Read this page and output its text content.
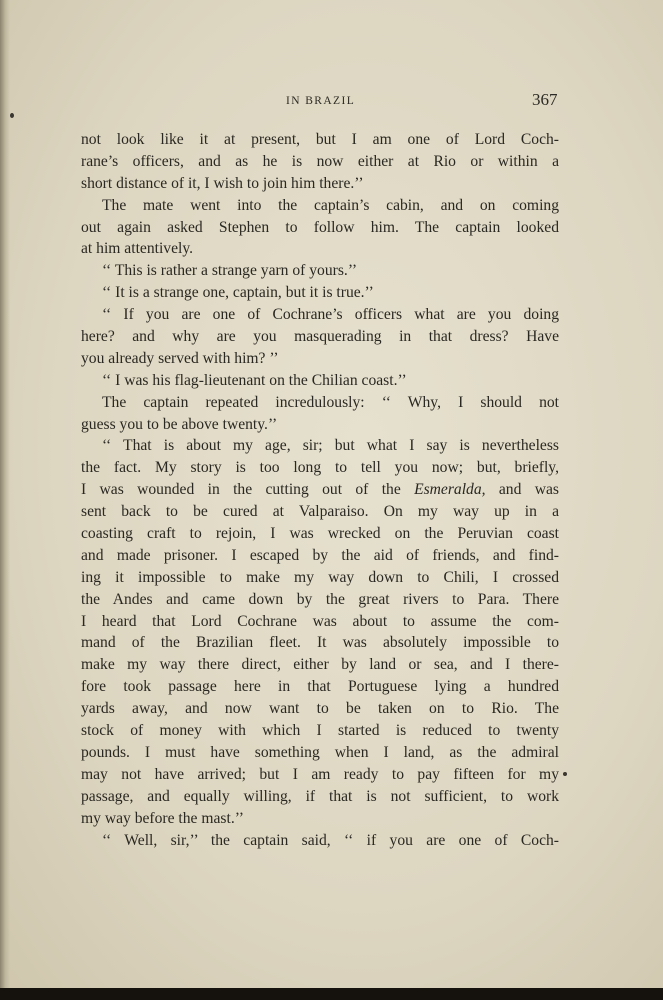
IN BRAZIL	367
not look like it at present, but I am one of Lord Coch-
rane’s officers, and as he is now either at Rio or within a
short distance of it, I wish to join him there.’’
The mate went into the captain’s cabin, and on coming
out again asked Stephen to follow him. The captain looked
at him attentively.
‘‘ This is rather a strange yarn of yours.’’
‘‘ It is a strange one, captain, but it is true.’’
‘‘ If you are one of Cochrane’s officers what are you doing
here? and why are you masquerading in that dress? Have
you already served with him? ’’
‘‘ I was his flag-lieutenant on the Chilian coast.’’
The captain repeated incredulously: ‘‘ Why, I should not
guess you to be above twenty.’’
‘‘ That is about my age, sir; but what I say is nevertheless
the fact. My story is too long to tell you now; but, briefly,
I was wounded in the cutting out of the Esmeralda, and was
sent back to be cured at Valparaiso. On my way up in a
coasting craft to rejoin, I was wrecked on the Peruvian coast
and made prisoner. I escaped by the aid of friends, and find-
ing it impossible to make my way down to Chili, I crossed
the Andes and came down by the great rivers to Para. There
I heard that Lord Cochrane was about to assume the com-
mand of the Brazilian fleet. It was absolutely impossible to
make my way there direct, either by land or sea, and I there-
fore took passage here in that Portuguese lying a hundred
yards away, and now want to be taken on to Rio. The
stock of money with which I started is reduced to twenty
pounds. I must have something when I land, as the admiral
may not have arrived; but I am ready to pay fifteen for my
passage, and equally willing, if that is not sufficient, to work
my way before the mast.’’
‘‘ Well, sir,’’ the captain said, ‘‘ if you are one of Coch-
